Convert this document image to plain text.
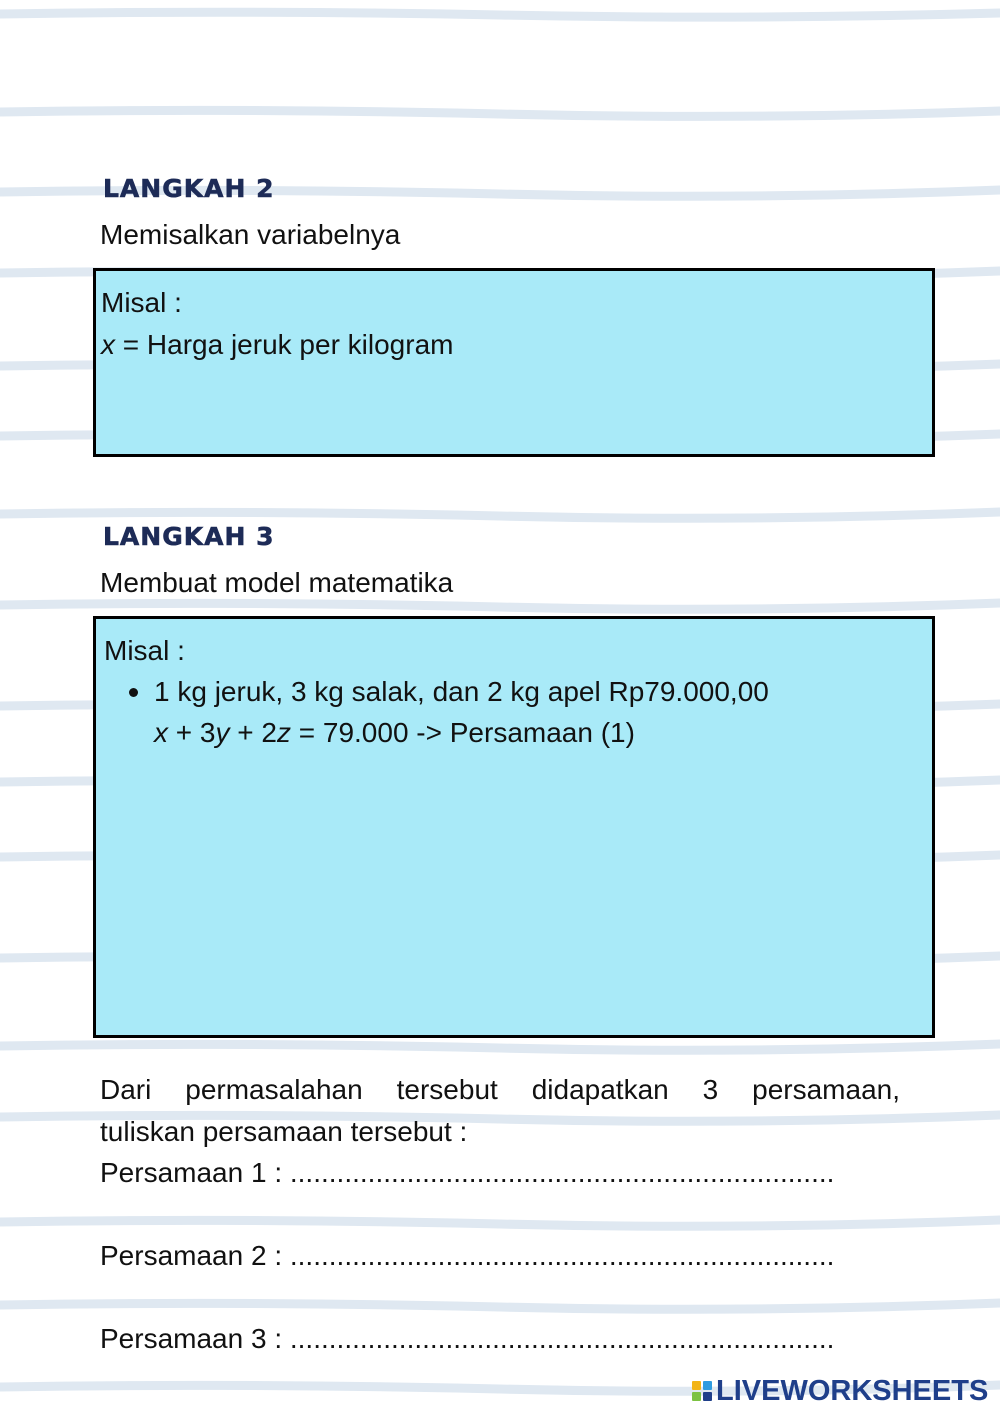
LANGKAH 2
Memisalkan variabelnya
Misal :
x = Harga jeruk per kilogram
LANGKAH 3
Membuat model matematika
Misal :
1 kg jeruk, 3 kg salak, dan 2 kg apel Rp79.000,00
x + 3y + 2z = 79.000 -> Persamaan (1)
Dari permasalahan tersebut didapatkan 3 persamaan,
tuliskan persamaan tersebut :
Persamaan 1 : ......................................................................
Persamaan 2 : ......................................................................
Persamaan 3 : ......................................................................
LIVEWORKSHEETS
